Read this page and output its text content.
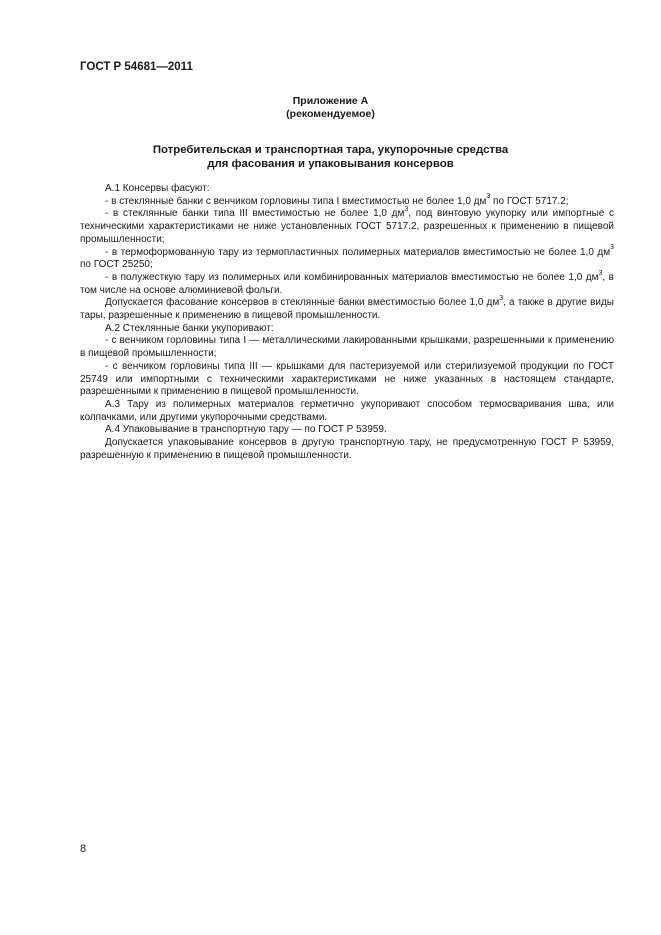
ГОСТ Р 54681—2011
Приложение А
(рекомендуемое)
Потребительская и транспортная тара, укупорочные средства
для фасования и упаковывания консервов

А.1 Консервы фасуют:

- в стеклянные банки с венчиком горловины типа I вместимостью не более 1,0 $дм^3$ по ГОСТ 5717.2;

- в стеклянные банки типа III вместимостью не более 1,0 $дм^3$, под винтовую укупорку или импортные с техническими характеристиками не ниже установленных ГОСТ 5717.2, разрешенных к применению в пищевой промышленности;

- в термоформованную тару из термопластичных полимерных материалов вместимостью не более 1,0 $дм^3$ по ГОСТ 25250;

- в полужесткую тару из полимерных или комбинированных материалов вместимостью не более 1,0 $дм^3$, в том числе на основе алюминиевой фольги.

Допускается фасование консервов в стеклянные банки вместимостью более 1,0 $дм^3$, а также в другие виды тары, разрешенные к применению в пищевой промышленности.

А.2 Стеклянные банки укупоривают:

- с венчиком горловины типа I — металлическими лакированными крышками, разрешенными к применению в пищевой промышленности;

- с венчиком горловины типа III — крышками для пастеризуемой или стерилизуемой продукции по ГОСТ 25749 или импортными с техническими характеристиками не ниже указанных в настоящем стандарте, разрешенными к применению в пищевой промышленности.

А.3 Тару из полимерных материалов герметично укупоривают способом термосваривания шва, или колпачками, или другими укупорочными средствами.

А.4 Упаковывание в транспортную тару — по ГОСТ Р 53959.

Допускается упаковывание консервов в другую транспортную тару, не предусмотренную ГОСТ Р 53959, разрешенную к применению в пищевой промышленности.

8
